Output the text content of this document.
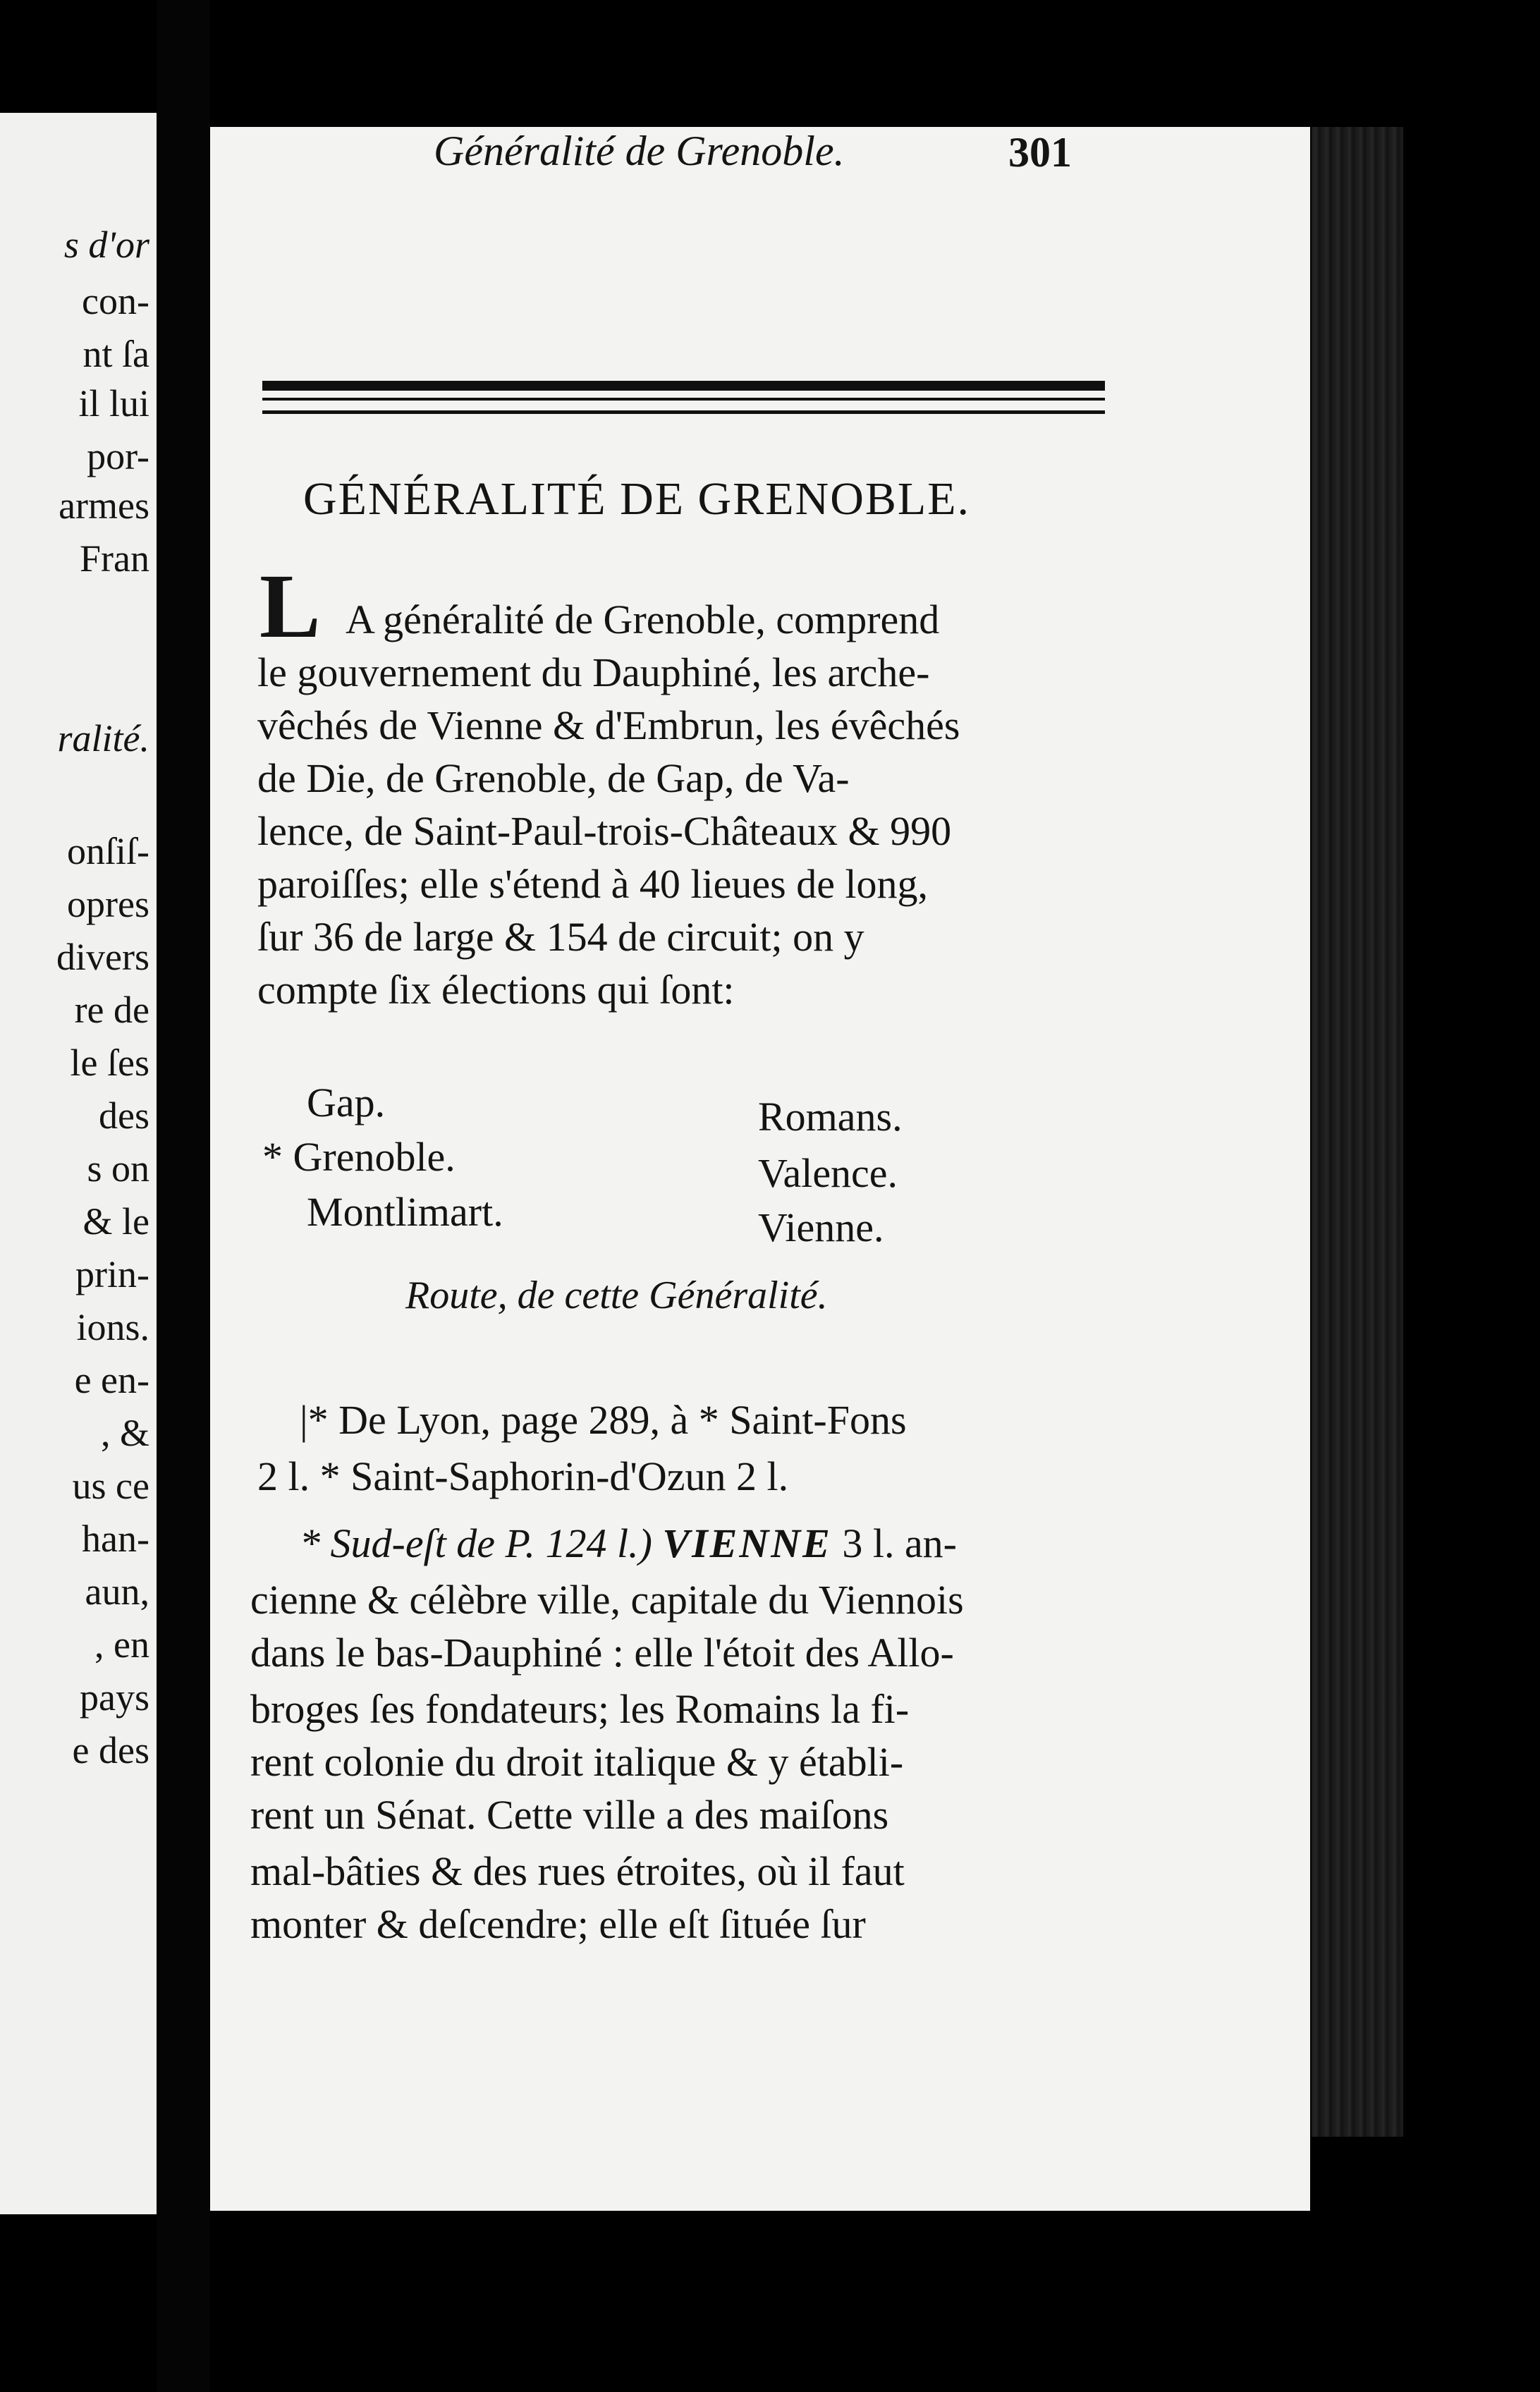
s d'or
con-
nt ſa
il lui
por-
armes
Fran
ralité.
onſiſ-
opres
divers
re de
le ſes
des
s on
& le
prin-
ions.
e en-
, &
us ce
han-
aun,
, en
pays
e des
Généralité de Grenoble.	301
GÉNÉRALITÉ DE GRENOBLE.
L A généralité de Grenoble, comprend
le gouvernement du Dauphiné, les arche-
vêchés de Vienne & d'Embrun, les évêchés
de Die, de Grenoble, de Gap, de Va-
lence, de Saint-Paul-trois-Châteaux & 990
paroiſſes; elle s'étend à 40 lieues de long,
ſur 36 de large & 154 de circuit; on y
compte ſix élections qui ſont:
Gap.
* Grenoble.
Montlimart.
Romans.
Valence.
Vienne.
Route, de cette Généralité.
|* De Lyon, page 289, à * Saint-Fons
2 l. * Saint-Saphorin-d'Ozun 2 l.
* Sud-eſt de P. 124 l.) VIENNE 3 l. an-
cienne & célèbre ville, capitale du Viennois
dans le bas-Dauphiné : elle l'étoit des Allo-
broges ſes fondateurs; les Romains la fi-
rent colonie du droit italique & y établi-
rent un Sénat. Cette ville a des maiſons
mal-bâties & des rues étroites, où il faut
monter & deſcendre; elle eſt ſituée ſur
